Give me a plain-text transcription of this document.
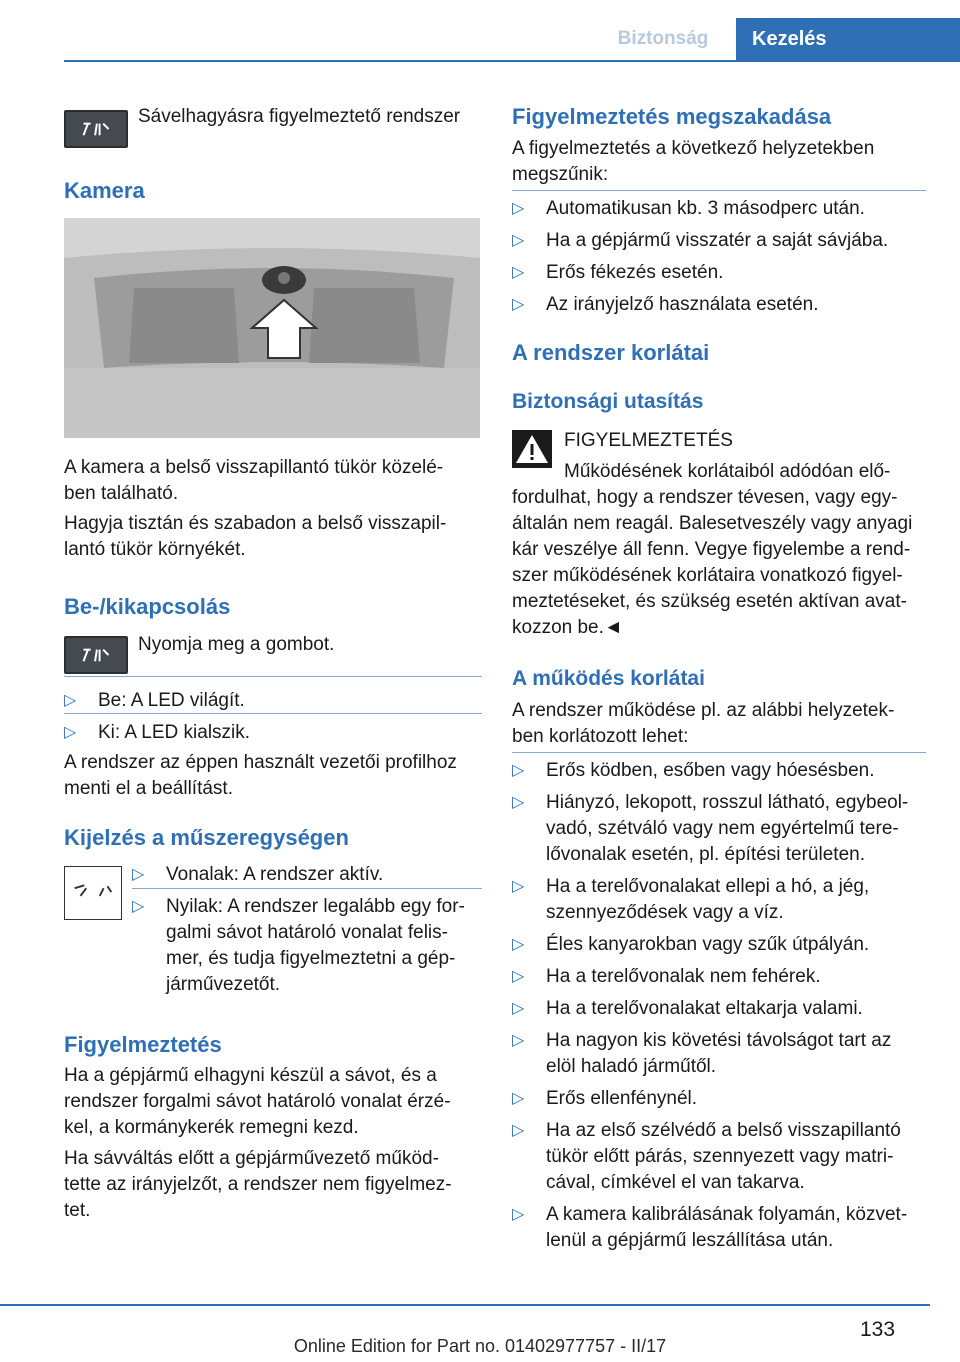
Biztonság	Kezelés

Sávelhagyásra figyelmeztető rendszer

Kamera

A kamera a belső visszapillantó tükör közelé-
ben található.

Hagyja tisztán és szabadon a belső visszapil-
lantó tükör környékét.

Be-/kikapcsolás

Nyomja meg a gombot.

▷ Be: A LED világít.
▷ Ki: A LED kialszik.

A rendszer az éppen használt vezetői profilhoz
menti el a beállítást.

Kijelzés a műszeregységen
▷ Vonalak: A rendszer aktív.
▷ Nyilak: A rendszer legalább egy for-
galmi sávot határoló vonalat felis-
mer, és tudja figyelmeztetni a gép-
járművezetőt.
Figyelmeztetés

Ha a gépjármű elhagyni készül a sávot, és a
rendszer forgalmi sávot határoló vonalat érzé-
kel, a kormánykerék remegni kezd.

Ha sávváltás előtt a gépjárművezető működ-
tette az irányjelzőt, a rendszer nem figyelmez-
tet.

Figyelmeztetés megszakadása

A figyelmeztetés a következő helyzetekben
megszűnik:

▷ Automatikusan kb. 3 másodperc után.
▷ Ha a gépjármű visszatér a saját sávjába.
▷ Erős fékezés esetén.
▷ Az irányjelző használata esetén.
A rendszer korlátai
Biztonsági utasítás

FIGYELMEZTETÉS

Működésének korlátaiból adódóan elő-

fordulhat, hogy a rendszer tévesen, vagy egy-
általán nem reagál. Balesetveszély vagy anyagi
kár veszélye áll fenn. Vegye figyelembe a rend-
szer működésének korlátaira vonatkozó figyel-
meztetéseket, és szükség esetén aktívan avat-
kozzon be.◄

A működés korlátai

A rendszer működése pl. az alábbi helyzetek-
ben korlátozott lehet:

▷ Erős ködben, esőben vagy hóesésben.
▷ Hiányzó, lekopott, rosszul látható, egybeol-
vadó, szétváló vagy nem egyértelmű tere-
lővonalak esetén, pl. építési területen.
▷ Ha a terelővonalakat ellepi a hó, a jég,
szennyeződések vagy a víz.
▷ Éles kanyarokban vagy szűk útpályán.
▷ Ha a terelővonalak nem fehérek.
▷ Ha a terelővonalakat eltakarja valami.
▷ Ha nagyon kis követési távolságot tart az
elöl haladó járműtől.
▷ Erős ellenfénynél.
▷ Ha az első szélvédő a belső visszapillantó
tükör előtt párás, szennyezett vagy matri-
cával, címkével el van takarva.
▷ A kamera kalibrálásának folyamán, közvet-
lenül a gépjármű leszállítása után.
133
Online Edition for Part no. 01402977757 - II/17
